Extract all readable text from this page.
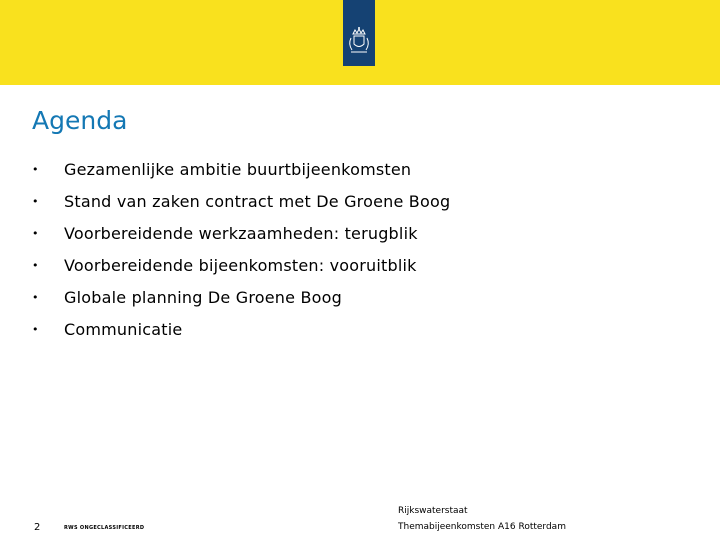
Agenda
• Gezamenlijke ambitie buurtbijeenkomsten
• Stand van zaken contract met De Groene Boog
• Voorbereidende werkzaamheden: terugblik
• Voorbereidende bijeenkomsten: vooruitblik
• Globale planning De Groene Boog
• Communicatie
2	RWS ONGECLASSIFICEERD
Rijkswaterstaat
Themabijeenkomsten A16 Rotterdam
